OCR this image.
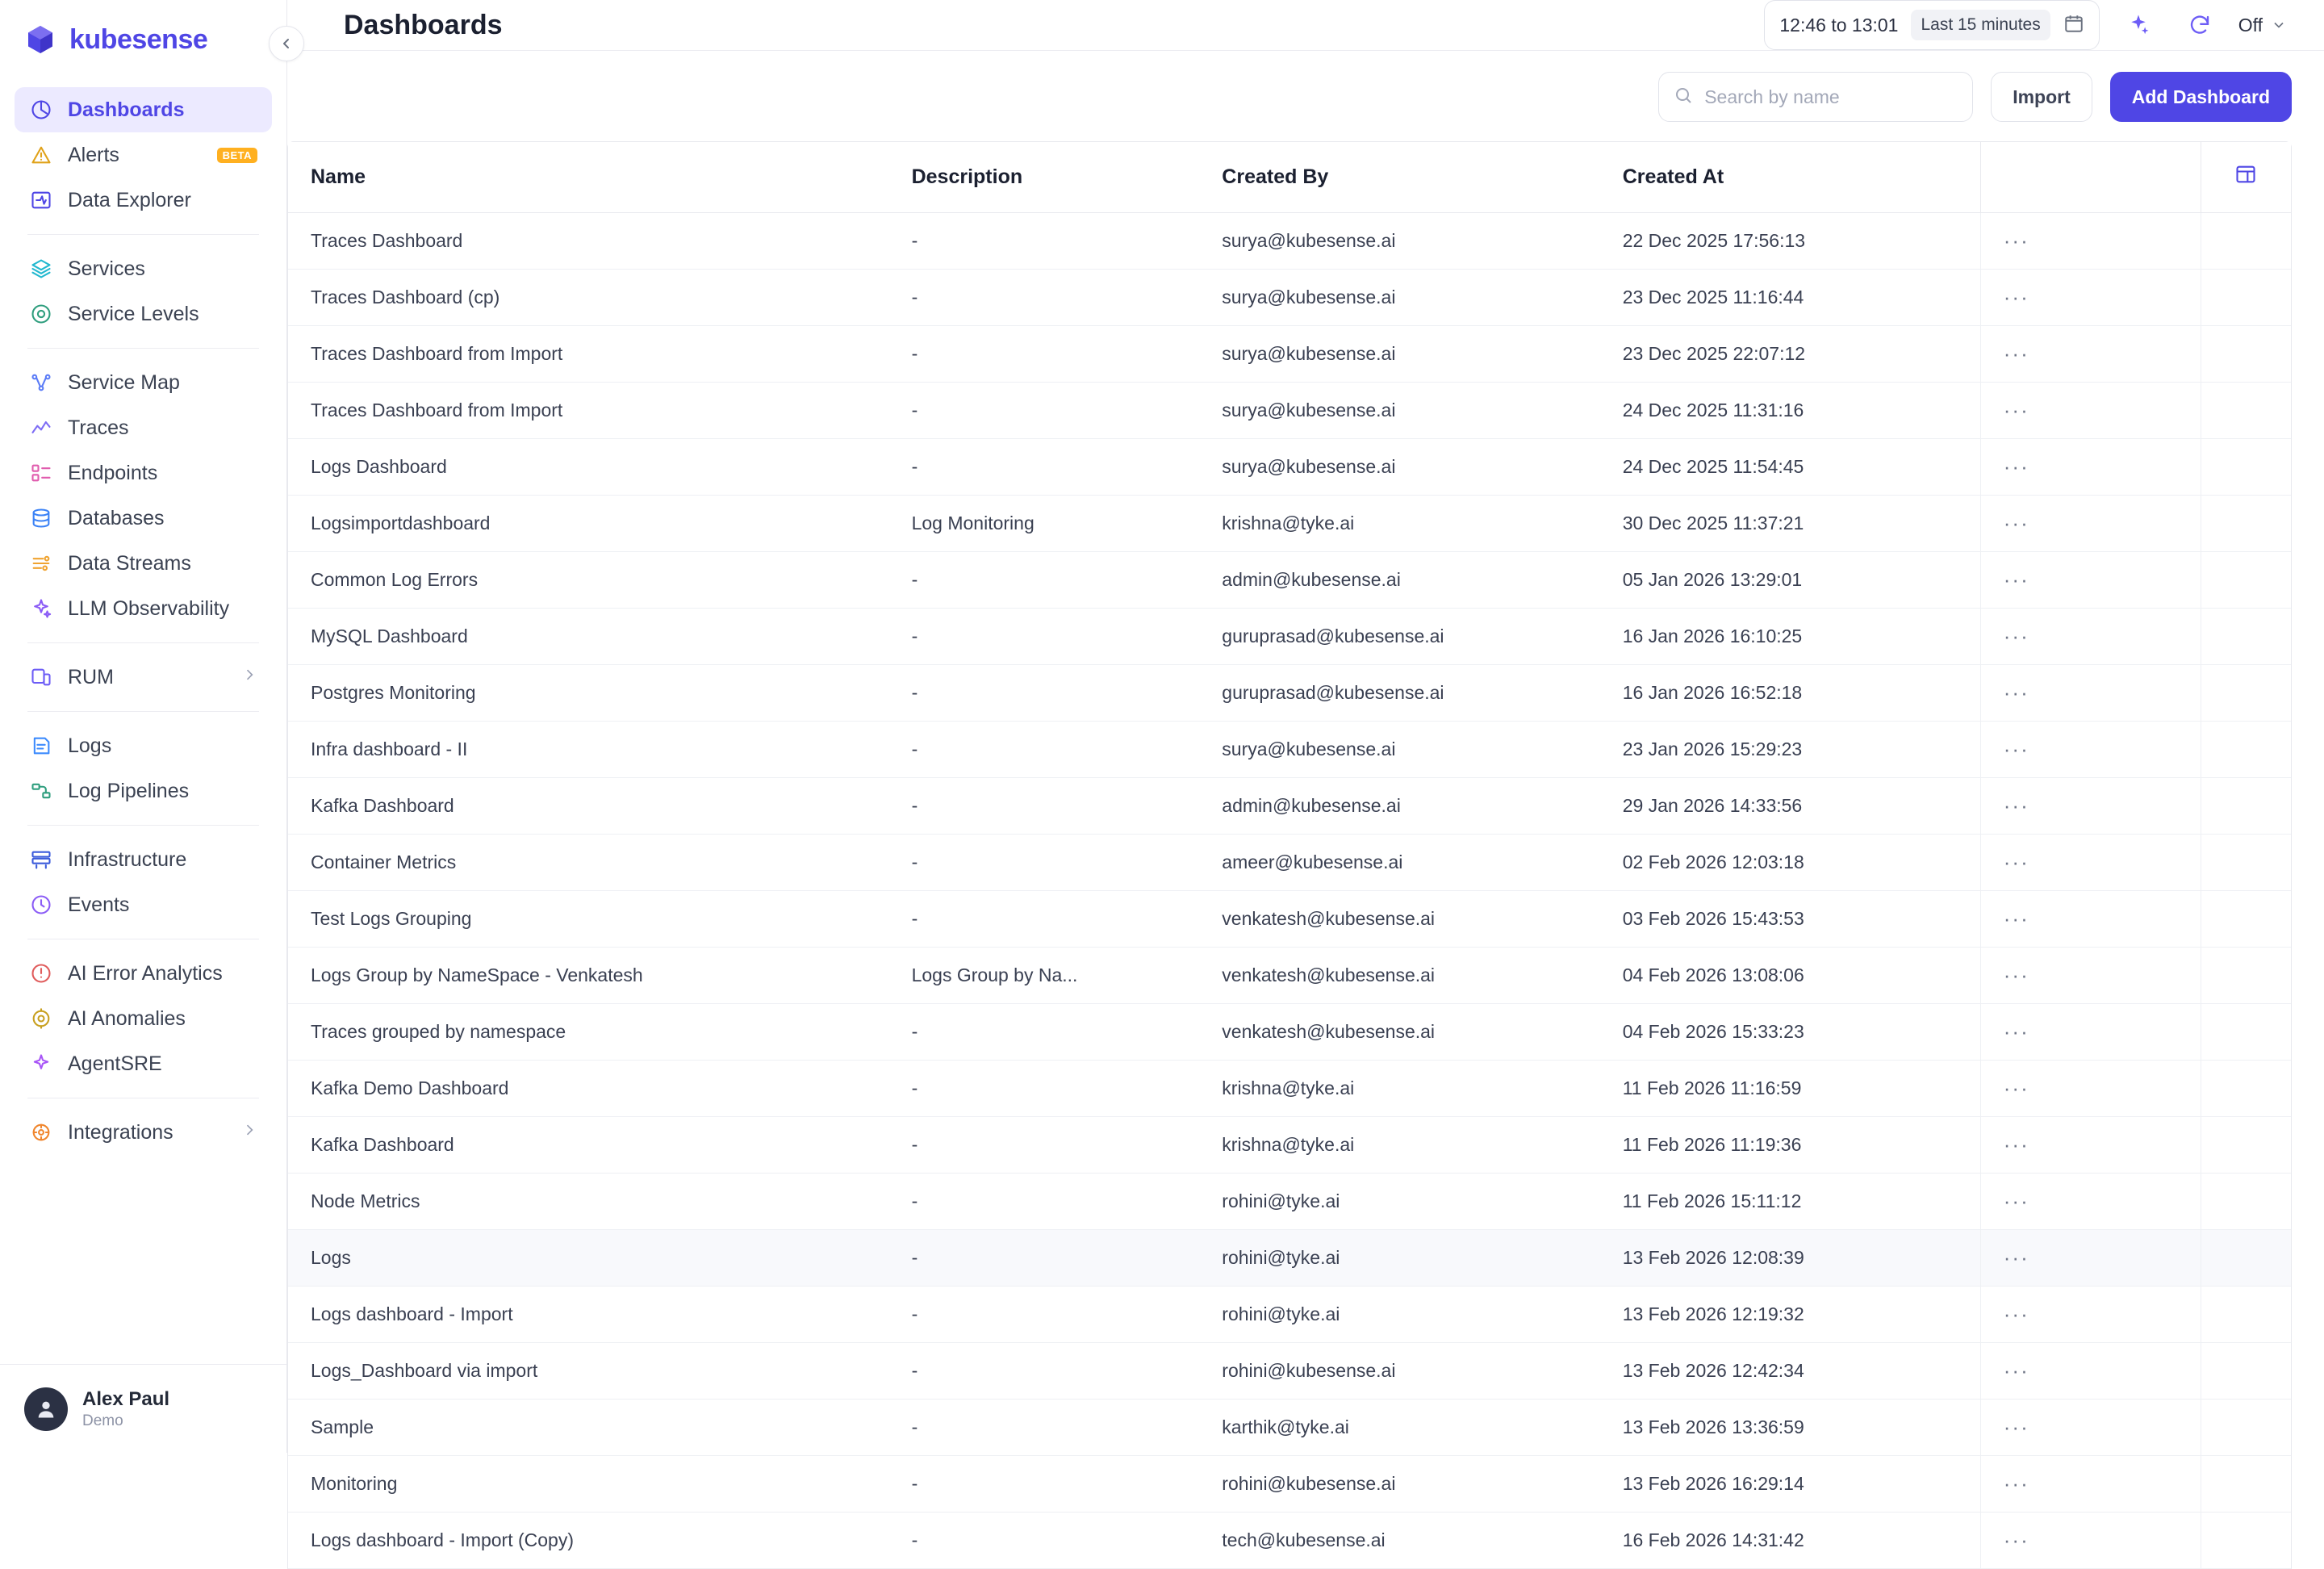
kubesense
Dashboards
Alerts	BETA
Data Explorer
Services
Service Levels
Service Map
Traces
Endpoints
Databases
Data Streams
LLM Observability
RUM
Logs
Log Pipelines
Infrastructure
Events
AI Error Analytics
AI Anomalies
AgentSRE
Integrations
Alex Paul
Demo
Dashboards	12:46 to 13:01	Last 15 minutes	Off
Search by name
Import	Add Dashboard
Name	Description	Created By	Created At		
Traces Dashboard	-	surya@kubesense.ai	22 Dec 2025 17:56:13	···	
Traces Dashboard (cp)	-	surya@kubesense.ai	23 Dec 2025 11:16:44	···	
Traces Dashboard from Import	-	surya@kubesense.ai	23 Dec 2025 22:07:12	···	
Traces Dashboard from Import	-	surya@kubesense.ai	24 Dec 2025 11:31:16	···	
Logs Dashboard	-	surya@kubesense.ai	24 Dec 2025 11:54:45	···	
Logsimportdashboard	Log Monitoring	krishna@tyke.ai	30 Dec 2025 11:37:21	···	
Common Log Errors	-	admin@kubesense.ai	05 Jan 2026 13:29:01	···	
MySQL Dashboard	-	guruprasad@kubesense.ai	16 Jan 2026 16:10:25	···	
Postgres Monitoring	-	guruprasad@kubesense.ai	16 Jan 2026 16:52:18	···	
Infra dashboard - II	-	surya@kubesense.ai	23 Jan 2026 15:29:23	···	
Kafka Dashboard	-	admin@kubesense.ai	29 Jan 2026 14:33:56	···	
Container Metrics	-	ameer@kubesense.ai	02 Feb 2026 12:03:18	···	
Test Logs Grouping	-	venkatesh@kubesense.ai	03 Feb 2026 15:43:53	···	
Logs Group by NameSpace - Venkatesh	Logs Group by Na...	venkatesh@kubesense.ai	04 Feb 2026 13:08:06	···	
Traces grouped by namespace	-	venkatesh@kubesense.ai	04 Feb 2026 15:33:23	···	
Kafka Demo Dashboard	-	krishna@tyke.ai	11 Feb 2026 11:16:59	···	
Kafka Dashboard	-	krishna@tyke.ai	11 Feb 2026 11:19:36	···	
Node Metrics	-	rohini@tyke.ai	11 Feb 2026 15:11:12	···	
Logs	-	rohini@tyke.ai	13 Feb 2026 12:08:39	···	
Logs dashboard - Import	-	rohini@tyke.ai	13 Feb 2026 12:19:32	···	
Logs_Dashboard via import	-	rohini@kubesense.ai	13 Feb 2026 12:42:34	···	
Sample	-	karthik@tyke.ai	13 Feb 2026 13:36:59	···	
Monitoring	-	rohini@kubesense.ai	13 Feb 2026 16:29:14	···	
Logs dashboard - Import (Copy)	-	tech@kubesense.ai	16 Feb 2026 14:31:42	···	
